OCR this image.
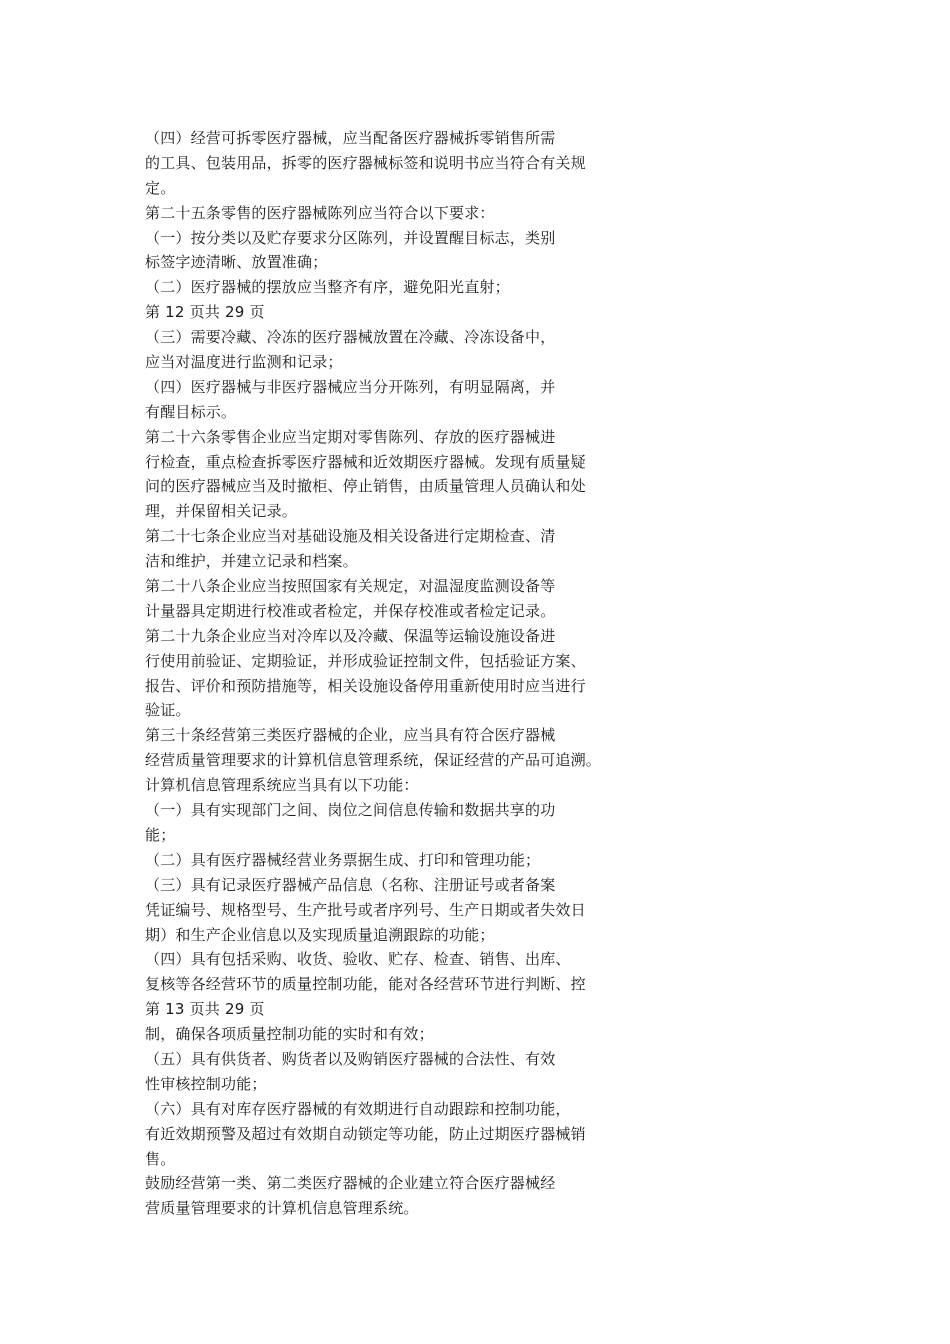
（四）经营可拆零医疗器械，应当配备医疗器械拆零销售所需
的工具、包装用品，拆零的医疗器械标签和说明书应当符合有关规
定。
第二十五条零售的医疗器械陈列应当符合以下要求：
（一）按分类以及贮存要求分区陈列，并设置醒目标志，类别
标签字迹清晰、放置准确；
（二）医疗器械的摆放应当整齐有序，避免阳光直射；
第 12 页共 29 页
（三）需要冷藏、冷冻的医疗器械放置在冷藏、冷冻设备中，
应当对温度进行监测和记录；
（四）医疗器械与非医疗器械应当分开陈列，有明显隔离，并
有醒目标示。
第二十六条零售企业应当定期对零售陈列、存放的医疗器械进
行检查，重点检查拆零医疗器械和近效期医疗器械。发现有质量疑
问的医疗器械应当及时撤柜、停止销售，由质量管理人员确认和处
理，并保留相关记录。
第二十七条企业应当对基础设施及相关设备进行定期检查、清
洁和维护，并建立记录和档案。
第二十八条企业应当按照国家有关规定，对温湿度监测设备等
计量器具定期进行校准或者检定，并保存校准或者检定记录。
第二十九条企业应当对冷库以及冷藏、保温等运输设施设备进
行使用前验证、定期验证，并形成验证控制文件，包括验证方案、
报告、评价和预防措施等，相关设施设备停用重新使用时应当进行
验证。
第三十条经营第三类医疗器械的企业，应当具有符合医疗器械
经营质量管理要求的计算机信息管理系统，保证经营的产品可追溯。
计算机信息管理系统应当具有以下功能：
（一）具有实现部门之间、岗位之间信息传输和数据共享的功
能；
（二）具有医疗器械经营业务票据生成、打印和管理功能；
（三）具有记录医疗器械产品信息（名称、注册证号或者备案
凭证编号、规格型号、生产批号或者序列号、生产日期或者失效日
期）和生产企业信息以及实现质量追溯跟踪的功能；
（四）具有包括采购、收货、验收、贮存、检查、销售、出库、
复核等各经营环节的质量控制功能，能对各经营环节进行判断、控
第 13 页共 29 页
制，确保各项质量控制功能的实时和有效；
（五）具有供货者、购货者以及购销医疗器械的合法性、有效
性审核控制功能；
（六）具有对库存医疗器械的有效期进行自动跟踪和控制功能，
有近效期预警及超过有效期自动锁定等功能，防止过期医疗器械销
售。
鼓励经营第一类、第二类医疗器械的企业建立符合医疗器械经
营质量管理要求的计算机信息管理系统。
